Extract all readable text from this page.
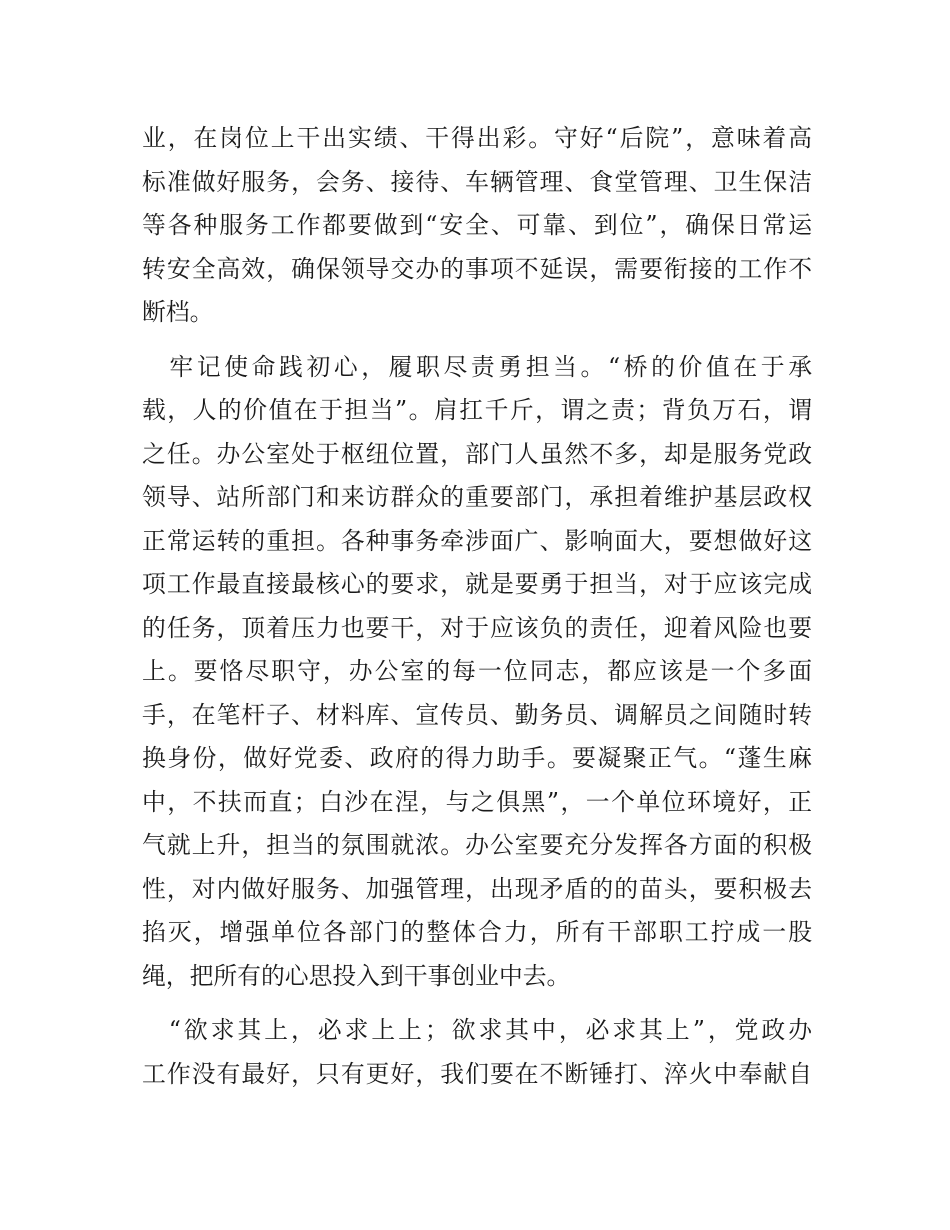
业，在岗位上干出实绩、干得出彩。守好“后院”，意味着高
标准做好服务，会务、接待、车辆管理、食堂管理、卫生保洁
等各种服务工作都要做到“安全、可靠、到位”，确保日常运
转安全高效，确保领导交办的事项不延误，需要衔接的工作不
断档。
　牢记使命践初心，履职尽责勇担当。“桥的价值在于承
载，人的价值在于担当”。肩扛千斤，谓之责；背负万石，谓
之任。办公室处于枢纽位置，部门人虽然不多，却是服务党政
领导、站所部门和来访群众的重要部门，承担着维护基层政权
正常运转的重担。各种事务牵涉面广、影响面大，要想做好这
项工作最直接最核心的要求，就是要勇于担当，对于应该完成
的任务，顶着压力也要干，对于应该负的责任，迎着风险也要
上。要恪尽职守，办公室的每一位同志，都应该是一个多面
手，在笔杆子、材料库、宣传员、勤务员、调解员之间随时转
换身份，做好党委、政府的得力助手。要凝聚正气。“蓬生麻
中，不扶而直；白沙在涅，与之俱黑”，一个单位环境好，正
气就上升，担当的氛围就浓。办公室要充分发挥各方面的积极
性，对内做好服务、加强管理，出现矛盾的的苗头，要积极去
掐灭，增强单位各部门的整体合力，所有干部职工拧成一股
绳，把所有的心思投入到干事创业中去。
　“欲求其上，必求上上；欲求其中，必求其上”，党政办
工作没有最好，只有更好，我们要在不断锤打、淬火中奉献自
